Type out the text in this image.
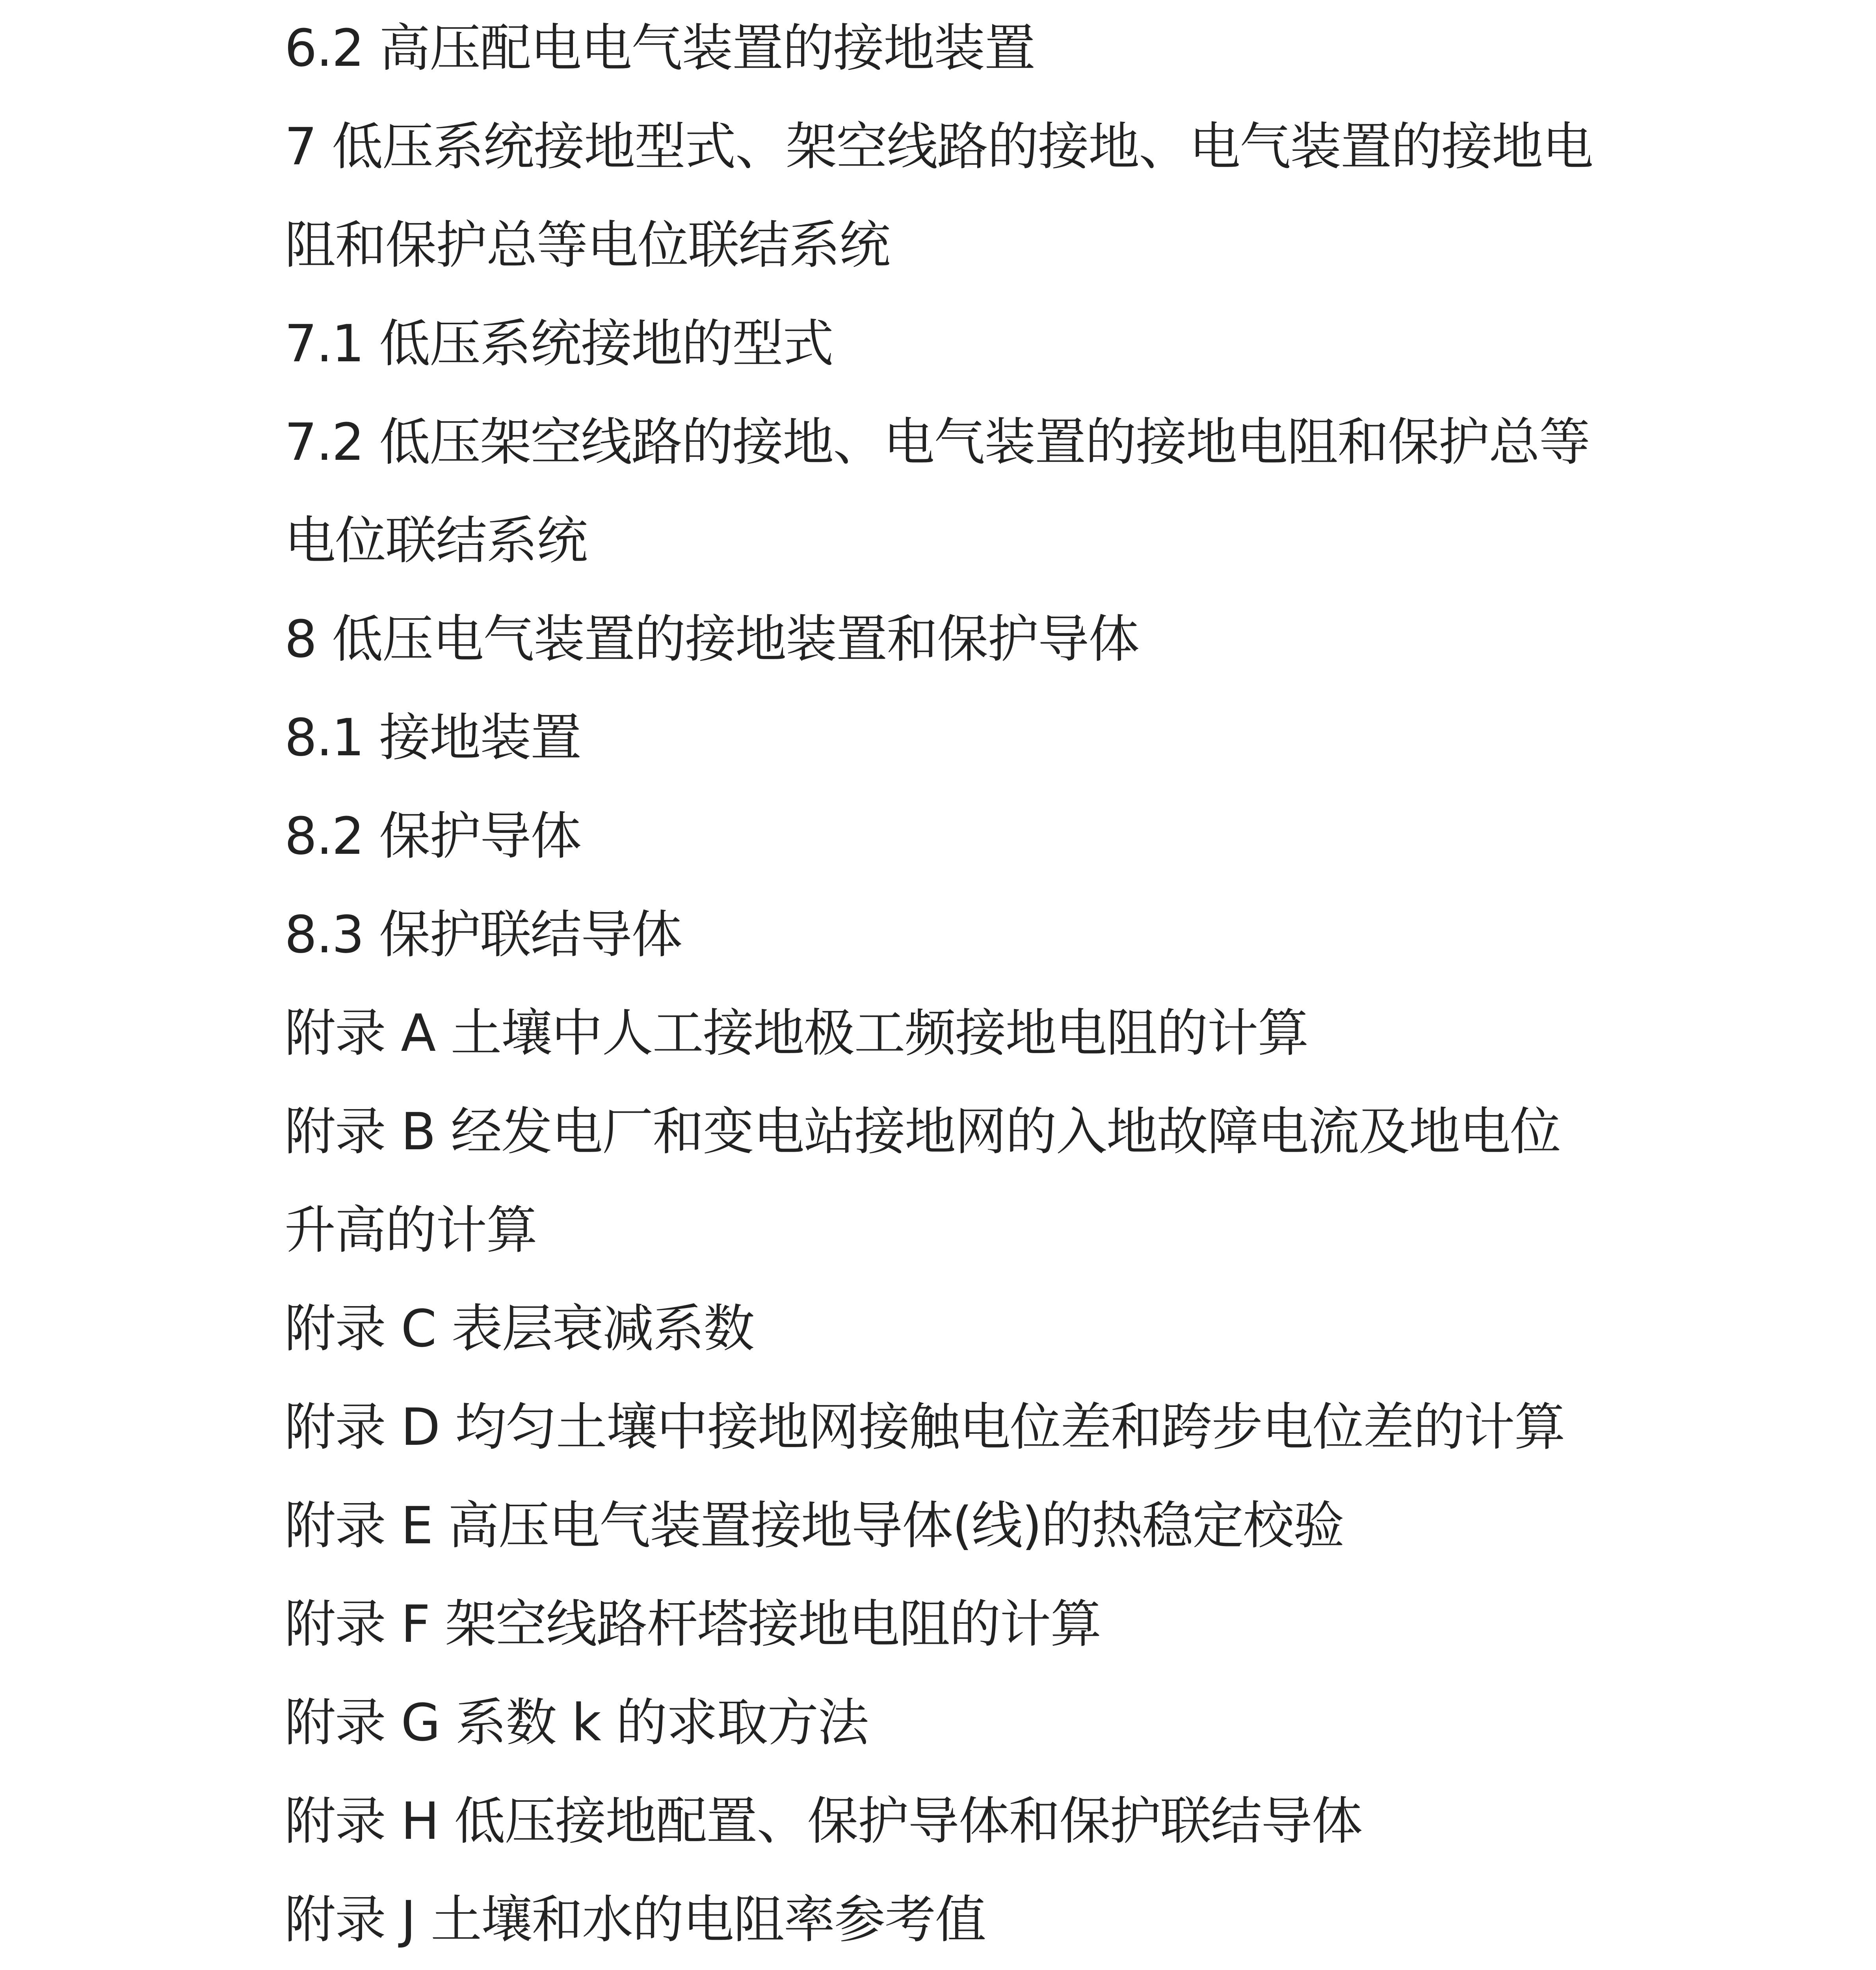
6.2 高压配电电气装置的接地装置
7 低压系统接地型式、架空线路的接地、电气装置的接地电
阻和保护总等电位联结系统
7.1 低压系统接地的型式
7.2 低压架空线路的接地、电气装置的接地电阻和保护总等
电位联结系统
8 低压电气装置的接地装置和保护导体
8.1 接地装置
8.2 保护导体
8.3 保护联结导体
附录 A 土壤中人工接地极工频接地电阻的计算
附录 B 经发电厂和变电站接地网的入地故障电流及地电位
升高的计算
附录 C 表层衰减系数
附录 D 均匀土壤中接地网接触电位差和跨步电位差的计算
附录 E 高压电气装置接地导体(线)的热稳定校验
附录 F 架空线路杆塔接地电阻的计算
附录 G 系数 k 的求取方法
附录 H 低压接地配置、保护导体和保护联结导体
附录 J 土壤和水的电阻率参考值
